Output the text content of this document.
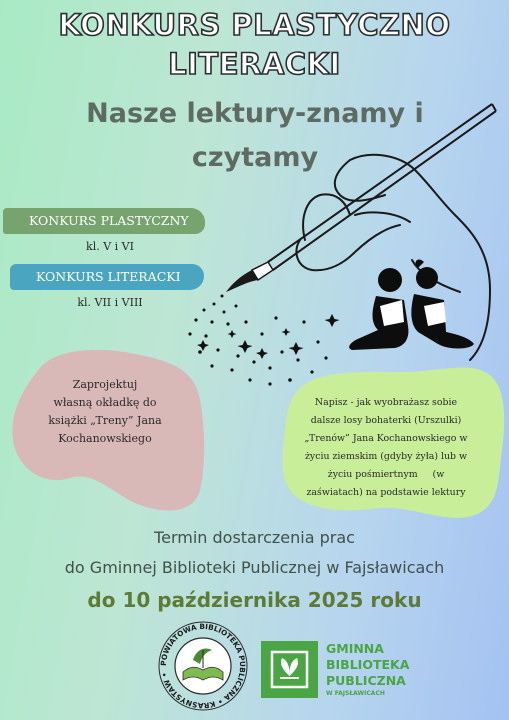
POWIATOWA BIBLIOTEKA PUBLICZNA • KRASNYSTAW •
KONKURS PLASTYCZNO
LITERACKI
Nasze lektury-znamy i
czytamy
KONKURS PLASTYCZNY
kl. V i VI
KONKURS LITERACKI
kl. VII i VIII

Zaprojektuj
własną okładkę do
książki „Treny” Jana
Kochanowskiego

Napisz - jak wyobrażasz sobie
dalsze losy bohaterki (Urszulki)
„Trenów” Jana Kochanowskiego w
życiu ziemskim (gdyby żyła) lub w
życiu pośmiertnym     (w
zaświatach) na podstawie lektury

Termin dostarczenia prac

do Gminnej Biblioteki Publicznej w Fajsławicach

do 10 października 2025 roku

GMINNA

BIBLIOTEKA

PUBLICZNA

W FAJSŁAWICACH
